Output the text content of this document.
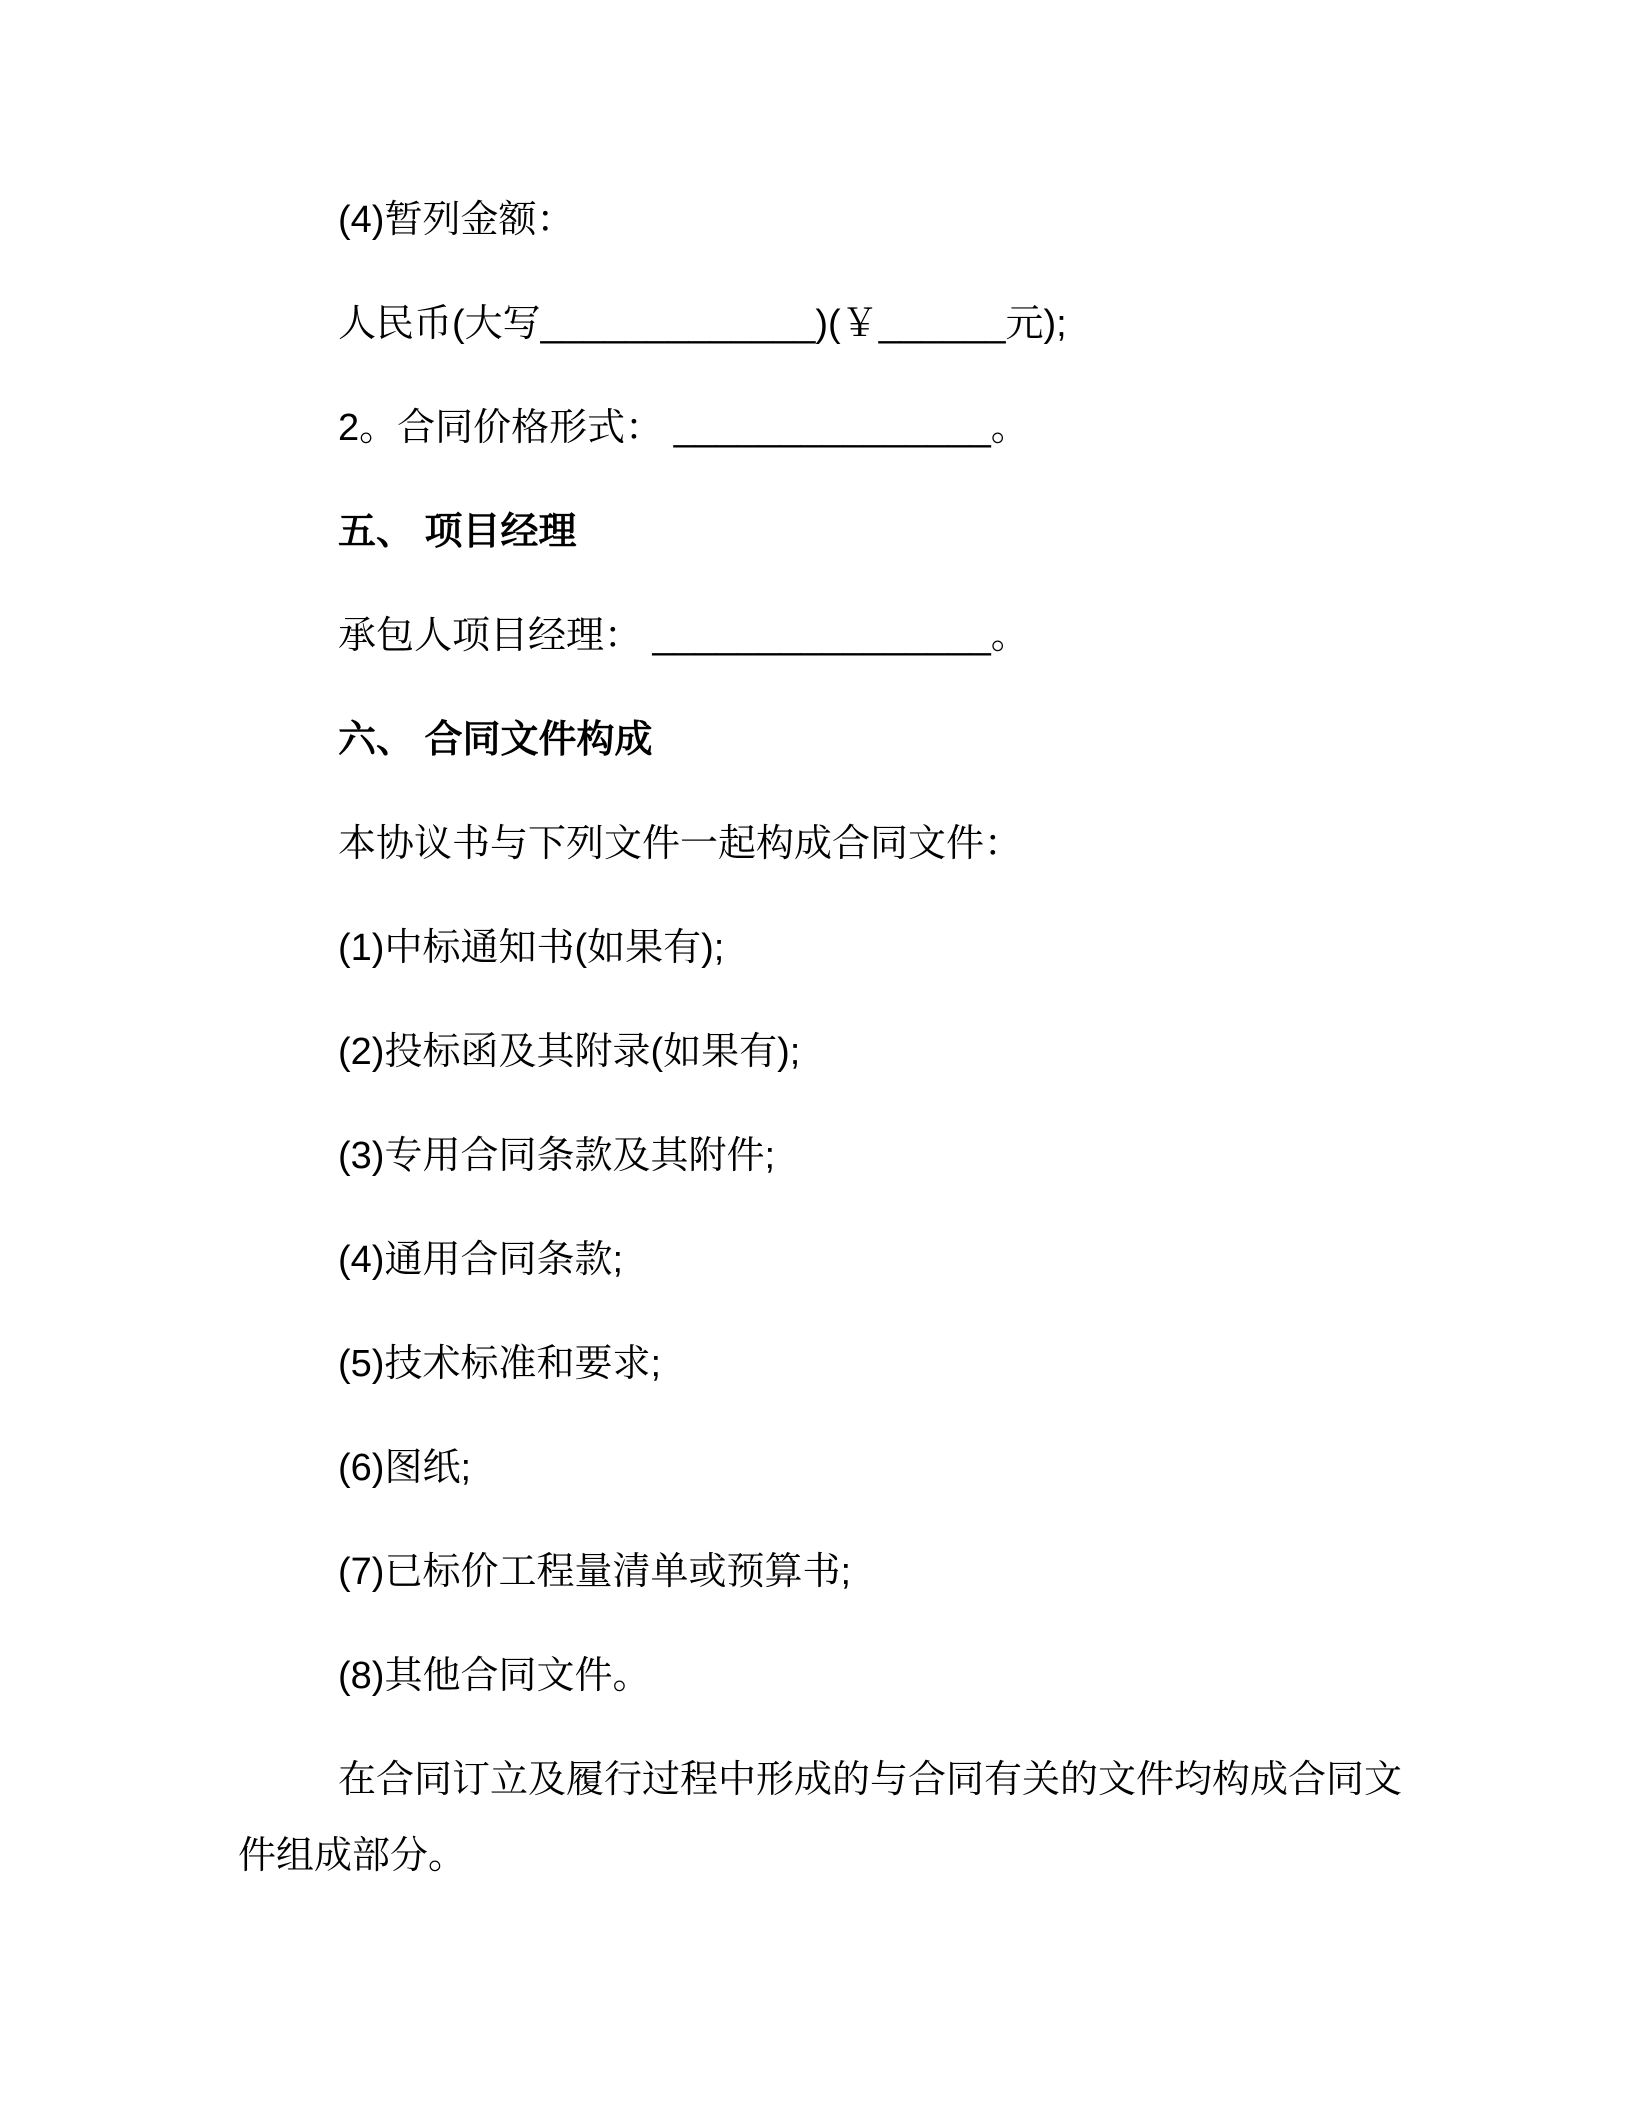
(4)暂列金额：

人民币(大写_____________)(￥______元);

2。合同价格形式： _______________。

五、 项目经理

承包人项目经理： ________________。

六、 合同文件构成

本协议书与下列文件一起构成合同文件：

(1)中标通知书(如果有);

(2)投标函及其附录(如果有);

(3)专用合同条款及其附件;

(4)通用合同条款;

(5)技术标准和要求;

(6)图纸;

(7)已标价工程量清单或预算书;

(8)其他合同文件。

在合同订立及履行过程中形成的与合同有关的文件均构成合同文件组成部分。
